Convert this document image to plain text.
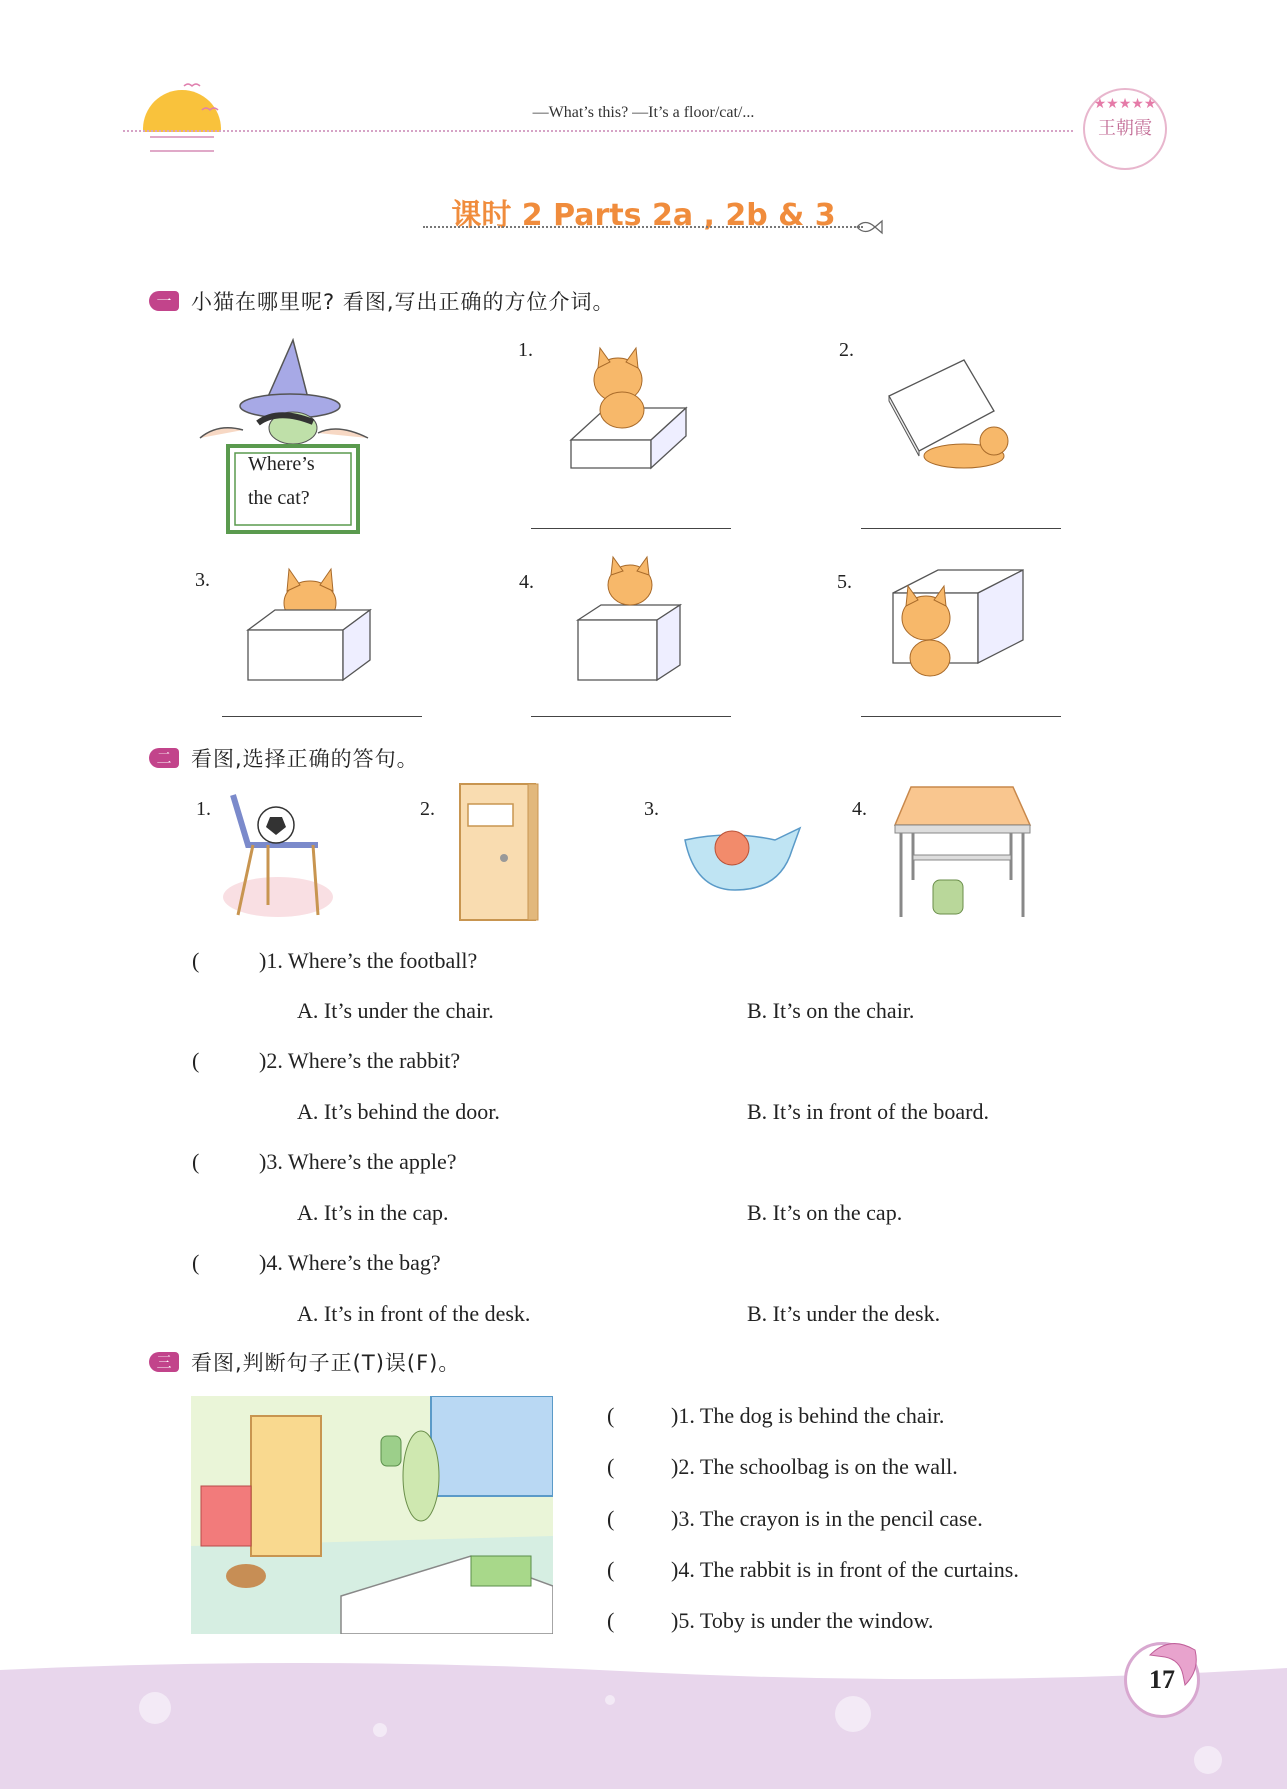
—What’s this? —It’s a floor/cat/...	★★★★★
王朝霞
课时 2 Parts 2a , 2b & 3
一 小猫在哪里呢? 看图,写出正确的方位介词。
Where’s
the cat?
1.	2.
3.	4.	5.
二 看图,选择正确的答句。
1.	2.	3.	4.
(	)1. Where’s the football?
A. It’s under the chair.	B. It’s on the chair.
(	)2. Where’s the rabbit?
A. It’s behind the door.	B. It’s in front of the board.
(	)3. Where’s the apple?
A. It’s in the cap.	B. It’s on the cap.
(	)4. Where’s the bag?
A. It’s in front of the desk.	B. It’s under the desk.
三 看图,判断句子正(T)误(F)。
(	)1. The dog is behind the chair.
(	)2. The schoolbag is on the wall.
(	)3. The crayon is in the pencil case.
(	)4. The rabbit is in front of the curtains.
(	)5. Toby is under the window.
17
